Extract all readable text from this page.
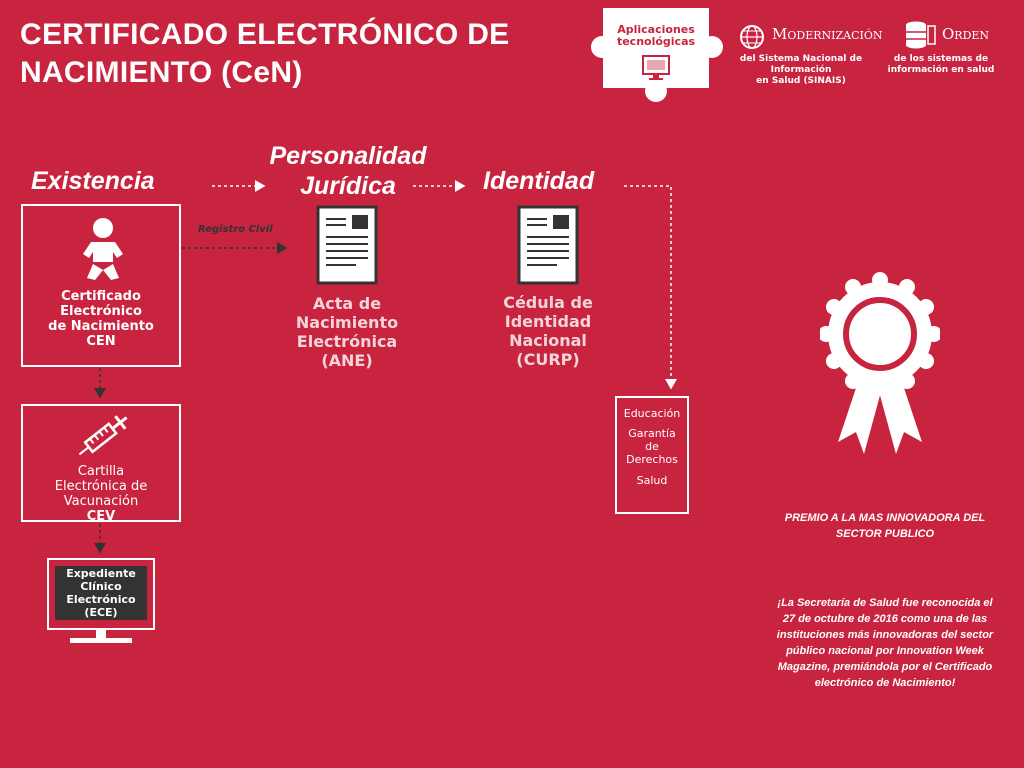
CERTIFICADO ELECTRÓNICO DE
NACIMIENTO (CeN)
Aplicaciones
tecnológicas	Modernización
del Sistema Nacional de Información
en Salud (SINAIS)
Orden
de los sistemas de
información en salud
Existencia
Personalidad
Jurídica	Identidad
Registro Civil
Certificado
Electrónico
de Nacimiento
CEN
Cartilla
Electrónica de
Vacunación
CEV
Expediente
Clínico
Electrónico
(ECE)
Acta de
Nacimiento
Electrónica
(ANE)
Cédula de
Identidad
Nacional
(CURP)
Educación
Garantía
de
Derechos
Salud
PREMIO A LA MAS INNOVADORA DEL
SECTOR PUBLICO
¡La Secretaría de Salud fue reconocida el
27 de octubre de 2016 como una de las
instituciones más innovadoras del sector
público nacional por Innovation Week
Magazine, premiándola por el Certificado
electrónico de Nacimiento!
